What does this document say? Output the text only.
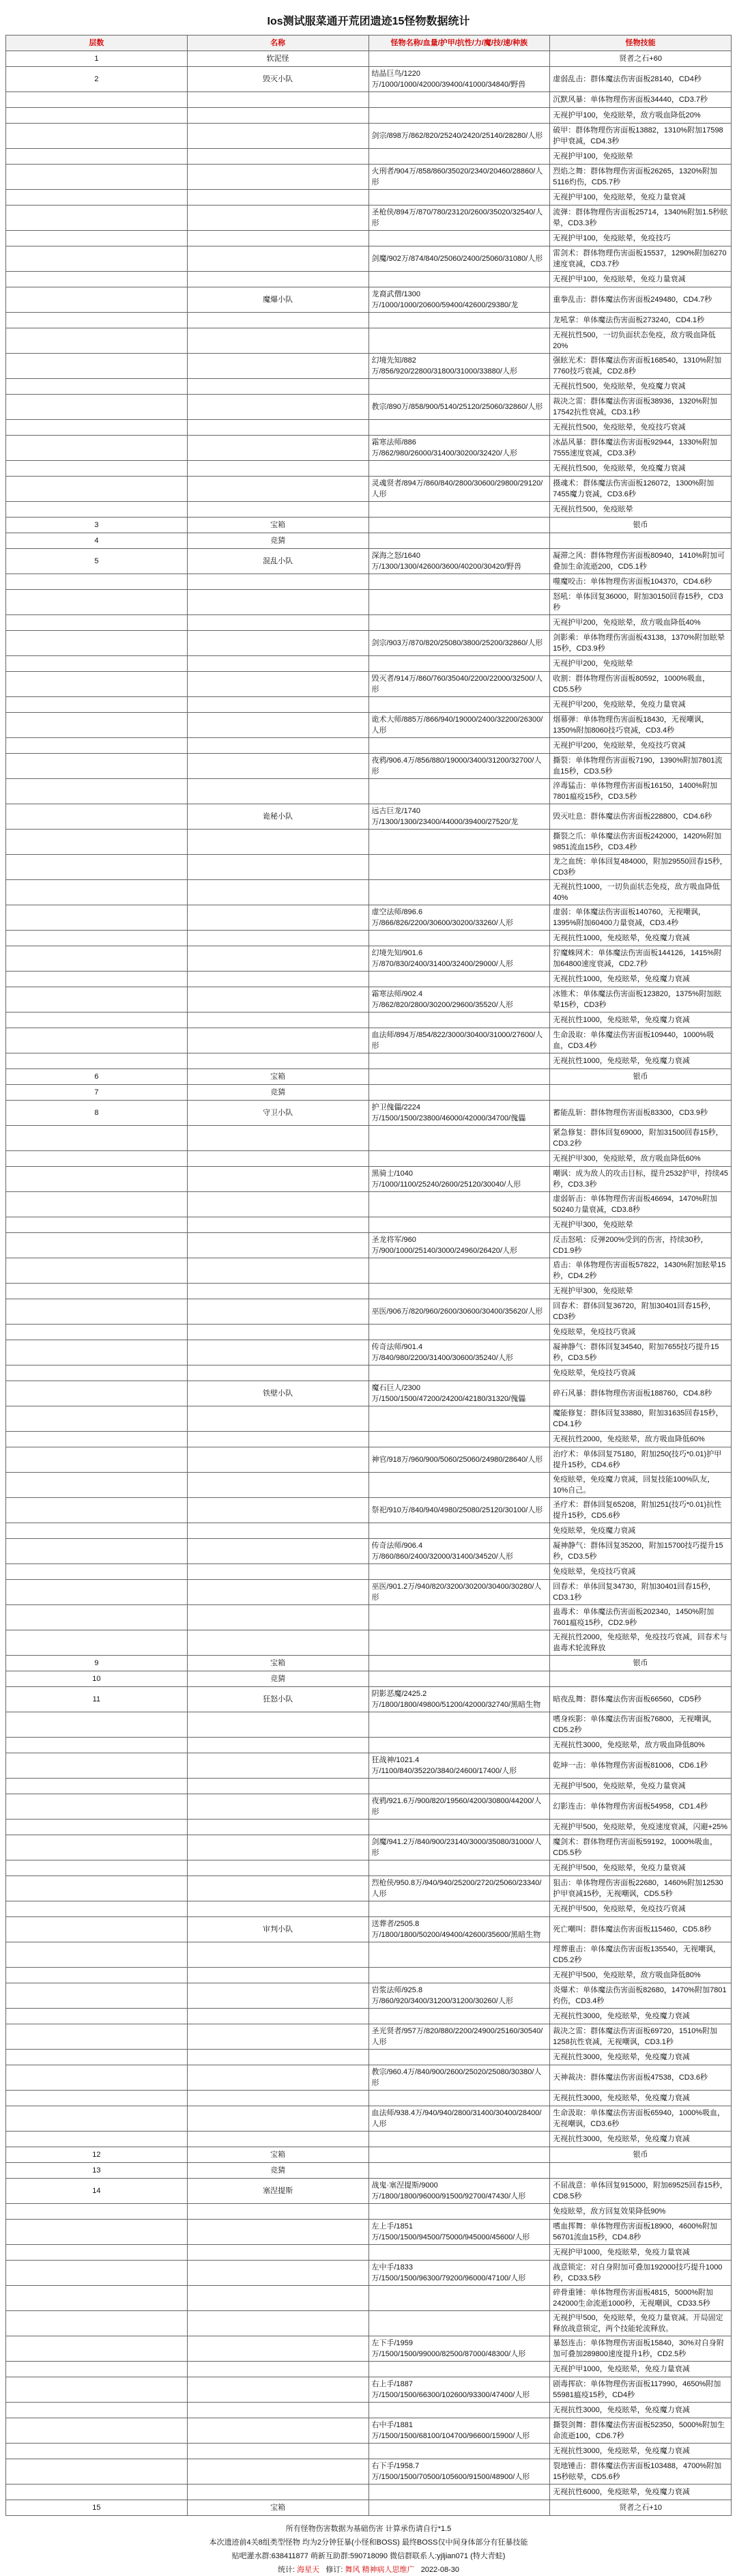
Ios测试服菜通开荒团遗迹15怪物数据统计
层数	名称	怪物名称/血量/护甲/抗性/力/魔/技/速/种族	怪物技能
1	软泥怪		贤者之石+60
2	毁灭小队	结晶巨鸟/1220万/1000/1000/42000/39400/41000/34840/野兽	虚弱乱击：群体魔法伤害面板28140，CD4秒
			沉默风暴：单体物理伤害面板34440，CD3.7秒
			无视护甲100，免疫眩晕，敌方吸血降低20%
		剑宗/898万/862/820/25240/2420/25140/28280/人形	破甲：群体物理伤害面板13882，1310%附加17598护甲衰减，CD4.3秒
			无视护甲100，免疫眩晕
		火刑者/904万/858/860/35020/2340/20460/28860/人形	烈焰之舞：群体物理伤害面板26265，1320%附加5116灼伤，CD5.7秒
			无视护甲100，免疫眩晕，免疫力量衰减
		圣枪侠/894万/870/780/23120/2600/35020/32540/人形	流弹：群体物理伤害面板25714，1340%附加1.5秒眩晕，CD3.3秒
			无视护甲100，免疫眩晕，免疫技巧
		剑魔/902万/874/840/25060/2400/25060/31080/人形	雷剑术：群体物理伤害面板15537，1290%附加6270速度衰减，CD3.7秒
			无视护甲100，免疫眩晕，免疫力量衰减
	魔爆小队	龙裔武僧/1300万/1000/1000/20600/59400/42600/29380/龙	重拳乱击：群体魔法伤害面板249480，CD4.7秒
			龙吼掌：单体魔法伤害面板273240，CD4.1秒
			无视抗性500，一切负面状态免疫，敌方吸血降低20%
		幻境先知/882万/856/920/22800/31800/31000/33880/人形	强眩光术：群体魔法伤害面板168540，1310%附加7760技巧衰减，CD2.8秒
			无视抗性500，免疫眩晕，免疫魔力衰减
		教宗/890万/858/900/5140/25120/25060/32860/人形	裁决之雷：群体魔法伤害面板38936，1320%附加17542抗性衰减，CD3.1秒
			无视抗性500，免疫眩晕，免疫技巧衰减
		霜寒法师/886万/862/980/26000/31400/30200/32420/人形	冰晶风暴：群体魔法伤害面板92944，1330%附加7555速度衰减，CD3.3秒
			无视抗性500，免疫眩晕，免疫魔力衰减
		灵魂贤者/894万/860/840/2800/30600/29800/29120/人形	摄魂术：群体魔法伤害面板126072，1300%附加7455魔力衰减，CD3.6秒
			无视抗性500，免疫眩晕
3	宝箱		银币
4	竞猜		
5	混乱小队	深海之怒/1640万/1300/1300/42600/3600/40200/30420/野兽	凝滞之风：群体物理伤害面板80940，1410%附加可叠加生命流逝200，CD5.1秒
			噬魔咬击：单体物理伤害面板104370，CD4.6秒
			怒吼：单体回复36000，附加30150回春15秒，CD3秒
			无视护甲200，免疫眩晕，敌方吸血降低40%
		剑宗/903万/870/820/25080/3800/25200/32860/人形	剑影乘：单体物理伤害面板43138，1370%附加眩晕15秒，CD3.9秒
			无视护甲200，免疫眩晕
		毁灭者/914万/860/760/35040/2200/22000/32500/人形	收割：群体物理伤害面板80592，1000%吸血，CD5.5秒
			无视护甲200，免疫眩晕，免疫力量衰减
		诡术大师/885万/866/940/19000/2400/32200/26300/人形	烟幕弹：单体物理伤害面板18430，无视嘲讽，1350%附加8060技巧衰减，CD3.4秒
			无视护甲200，免疫眩晕，免疫技巧衰减
		夜鸦/906.4万/856/880/19000/3400/31200/32700/人形	撕裂：单体物理伤害面板7190，1390%附加7801流血15秒，CD3.5秒
			淬毒猛击：单体物理伤害面板16150，1400%附加7801瘟疫15秒，CD3.5秒
	诡秘小队	远古巨龙/1740万/1300/1300/23400/44000/39400/27520/龙	毁灭吐息：群体魔法伤害面板228800，CD4.6秒
			撕裂之爪：单体魔法伤害面板242000，1420%附加9851流血15秒，CD3.4秒
			龙之血统：单体回复484000，附加29550回春15秒，CD3秒
			无视抗性1000，一切负面状态免疫，敌方吸血降低40%
		虚空法师/896.6万/866/826/2200/30600/30200/33260/人形	虚弱：单体魔法伤害面板140760，无视嘲讽，1395%附加60400力量衰减，CD3.4秒
			无视抗性1000，免疫眩晕，免疫魔力衰减
		幻境先知/901.6万/870/830/2400/31400/32400/29000/人形	狞魔蛛网术：单体魔法伤害面板144126，1415%附加64800速度衰减，CD2.7秒
			无视抗性1000，免疫眩晕，免疫魔力衰减
		霜寒法师/902.4万/862/820/2800/30200/29600/35520/人形	冰锥术：单体魔法伤害面板123820，1375%附加眩晕15秒，CD3秒
			无视抗性1000，免疫眩晕，免疫魔力衰减
		血法师/894万/854/822/3000/30400/31000/27600/人形	生命汲取：单体魔法伤害面板109440，1000%吸血，CD3.4秒
			无视抗性1000，免疫眩晕，免疫魔力衰减
6	宝箱		银币
7	竞猜		
8	守卫小队	护卫傀儡/2224万/1500/1500/23800/46000/42000/34700/傀儡	蓄能乱斩：群体物理伤害面板83300，CD3.9秒
			紧急修复：群体回复69000，附加31500回春15秒，CD3.2秒
			无视护甲300，免疫眩晕，敌方吸血降低60%
		黑骑士/1040万/1000/1100/25240/2600/25120/30040/人形	嘲讽：成为敌人的攻击目标，提升2532护甲，持续45秒，CD3.3秒
			虚弱斩击：单体物理伤害面板46694，1470%附加50240力量衰减，CD3.8秒
			无视护甲300，免疫眩晕
		圣龙将军/960万/900/1000/25140/3000/24960/26420/人形	反击怒吼：反弹200%受到的伤害，持续30秒，CD1.9秒
			盾击：单体物理伤害面板57822，1430%附加眩晕15秒，CD4.2秒
			无视护甲300，免疫眩晕
		巫医/906万/820/960/2600/30600/30400/35620/人形	回春术：群体回复36720，附加30401回春15秒，CD3秒
			免疫眩晕，免疫技巧衰减
		传奇法师/901.4万/840/980/2200/31400/30600/35240/人形	凝神静气：群体回复34540，附加7655技巧提升15秒，CD3.5秒
			免疫眩晕，免疫技巧衰减
	铁壁小队	魔石巨人/2300万/1500/1500/47200/24200/42180/31320/傀儡	碎石风暴：群体物理伤害面板188760，CD4.8秒
			魔能修复：群体回复33880，附加31635回春15秒，CD4.1秒
			无视抗性2000，免疫眩晕，敌方吸血降低60%
		神官/918万/960/900/5060/25060/24980/28640/人形	治疗术：单体回复75180，附加250(技巧*0.01)护甲提升15秒，CD4.6秒
			免疫眩晕，免疫魔力衰减，回复技能100%队友，10%自己。
		祭祀/910万/840/940/4980/25080/25120/30100/人形	圣疗术：群体回复65208，附加251(技巧*0.01)抗性提升15秒，CD5.6秒
			免疫眩晕，免疫魔力衰减
		传奇法师/906.4万/860/860/2400/32000/31400/34520/人形	凝神静气：群体回复35200，附加15700技巧提升15秒，CD3.5秒
			免疫眩晕，免疫技巧衰减
		巫医/901.2万/940/820/3200/30200/30400/30280/人形	回春术：单体回复34730，附加30401回春15秒，CD3.1秒
			蛊毒术：单体魔法伤害面板202340，1450%附加7601瘟疫15秒，CD2.9秒
			无视抗性2000，免疫眩晕，免疫技巧衰减，回春术与蛊毒术轮流释放
9	宝箱		银币
10	竞猜		
11	狂怒小队	阴影恶魔/2425.2万/1800/1800/49800/51200/42000/32740/黑暗生物	暗夜乱舞：群体魔法伤害面板66560，CD5秒
			嗜身疾影：单体魔法伤害面板76800，无视嘲讽，CD5.2秒
			无视抗性3000，免疫眩晕，敌方吸血降低80%
		狂战神/1021.4万/1100/840/35220/3840/24600/17400/人形	乾坤一击：单体物理伤害面板81006，CD6.1秒
			无视护甲500，免疫眩晕，免疫力量衰减
		夜鸦/921.6万/900/820/19560/4200/30800/44200/人形	幻影连击：单体物理伤害面板54958，CD1.4秒
			无视护甲500，免疫眩晕，免疫速度衰减，闪避+25%
		剑魔/941.2万/840/900/23140/3000/35080/31000/人形	魔剑术：群体物理伤害面板59192，1000%吸血，CD5.5秒
			无视护甲500，免疫眩晕，免疫力量衰减
		烈枪侠/950.8万/940/940/25200/2720/25060/23340/人形	狙击：单体物理伤害面板22680，1460%附加12530护甲衰减15秒，无视嘲讽，CD5.5秒
			无视护甲500，免疫眩晕，免疫技巧衰减
	审判小队	送葬者/2505.8万/1800/1800/50200/49400/42600/35600/黑暗生物	死亡嘲叫：群体魔法伤害面板115460，CD5.8秒
			埋葬重击：单体魔法伤害面板135540，无视嘲讽，CD5.2秒
			无视护甲500，免疫眩晕，敌方吸血降低80%
		岩浆法师/925.8万/860/920/3400/31200/31200/30260/人形	炎爆术：单体魔法伤害面板82680，1470%附加7801灼伤，CD3.4秒
			无视抗性3000，免疫眩晕，免疫魔力衰减
		圣光贤者/957万/820/880/2200/24900/25160/30540/人形	裁决之雷：群体魔法伤害面板69720，1510%附加1258抗性衰减，无视嘲讽，CD3.1秒
			无视抗性3000，免疫眩晕，免疫魔力衰减
		教宗/960.4万/840/900/2600/25020/25080/30380/人形	天神裁决：群体魔法伤害面板47538，CD3.6秒
			无视抗性3000，免疫眩晕，免疫魔力衰减
		血法师/938.4万/940/940/2800/31400/30400/28400/人形	生命汲取：单体魔法伤害面板65940，1000%吸血，无视嘲讽，CD3.6秒
			无视抗性3000，免疫眩晕，免疫魔力衰减
12	宝箱		银币
13	竞猜		
14	塞涅提斯	战鬼·塞涅提斯/9000万/1800/1800/96000/91500/92700/47430/人形	不屈战意：单体回复915000，附加69525回春15秒，CD8.5秒
			免疫眩晕，敌方回复效果降低90%
		左上手/1851万/1500/1500/94500/75000/945000/45600/人形	嗜血挥舞：单体物理伤害面板18900，4600%附加56701流血15秒，CD4.8秒
			无视护甲1000，免疫眩晕，免疫力量衰减
		左中手/1833万/1500/1500/96300/79200/96000/47100/人形	战意锁定：对自身附加可叠加192000技巧提升1000秒，CD33.5秒
			碎骨重锤：单体物理伤害面板4815，5000%附加242000生命流逝1000秒，无视嘲讽，CD33.5秒
			无视护甲500，免疫眩晕，免疫力量衰减。开局固定释放战意锁定，两个技能轮流释放。
		左下手/1959万/1500/1500/99000/82500/87000/48300/人形	暴怒连击：单体物理伤害面板15840，30%对自身附加可叠加289800速度提升1秒，CD2.5秒
			无视护甲1000，免疫眩晕，免疫力量衰减
		右上手/1887万/1500/1500/66300/102600/93300/47400/人形	剧毒挥砍：单体物理伤害面板117990，4650%附加55981瘟疫15秒，CD4秒
			无视抗性3000，免疫眩晕，免疫魔力衰减
		右中手/1881万/1500/1500/68100/104700/96600/15900/人形	撕裂剑舞：群体魔法伤害面板52350，5000%附加生命流逝100，CD6.7秒
			无视抗性3000，免疫眩晕，免疫魔力衰减
		右下手/1958.7万/1500/1500/70500/105600/91500/48900/人形	裂地锤击：群体魔法伤害面板103488，4700%附加15秒眩晕，CD5.6秒
			无视抗性6000，免疫眩晕，免疫魔力衰减
15	宝箱		贤者之石+10
所有怪物伤害数据为基础伤害 计算承伤请自行*1.5
本次遗迹前4关8组类型怪物 均为2分钟狂暴(小怪和BOSS) 最终BOSS仅中间身体部分有狂暴技能
贴吧灌水群:638411877 萌新互助群:590718090 微信群联系人:yjljian071 (特大青蛙)
统计: 海星天 修订: 舞风 精神病人思维广 2022-08-30
